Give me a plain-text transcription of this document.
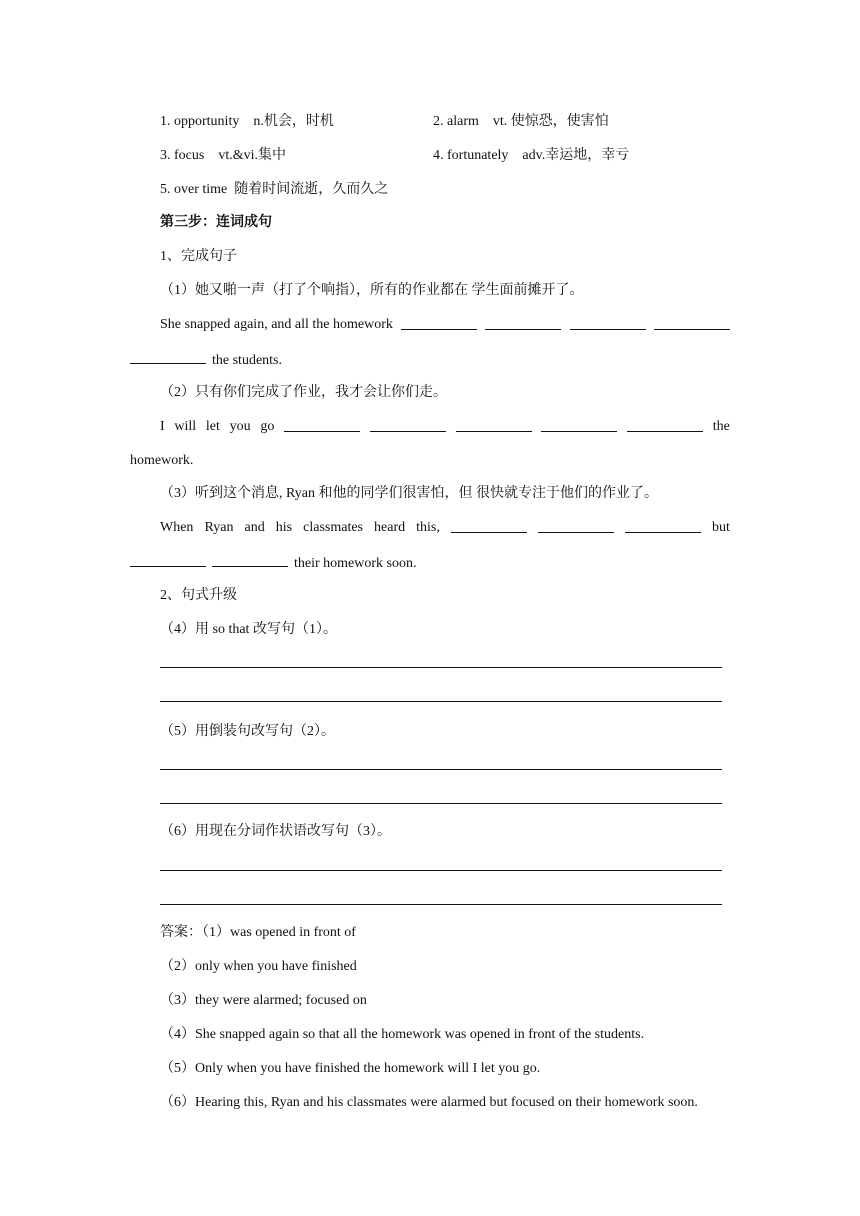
1. opportunity n.机会，时机	2. alarm vt. 使惊恐，使害怕
3. focus vt.&vi.集中	4. fortunately adv.幸运地，幸亏
5. over time 随着时间流逝，久而久之
第三步：连词成句
1、完成句子
（1）她又啪一声（打了个响指），所有的作业都在 学生面前摊开了。
She snapped again, and all the homework
the students.
（2）只有你们完成了作业，我才会让你们走。
I will let you go	the
homework.
（3）听到这个消息, Ryan 和他的同学们很害怕，但 很快就专注于他们的作业了。
When Ryan and his classmates heard this,	but
their homework soon.
2、句式升级
（4）用 so that 改写句（1）。
（5）用倒装句改写句（2）。
（6）用现在分词作状语改写句（3）。
答案：（1）was opened in front of
（2）only when you have finished
（3）they were alarmed; focused on
（4）She snapped again so that all the homework was opened in front of the students.
（5）Only when you have finished the homework will I let you go.
（6）Hearing this, Ryan and his classmates were alarmed but focused on their homework soon.
